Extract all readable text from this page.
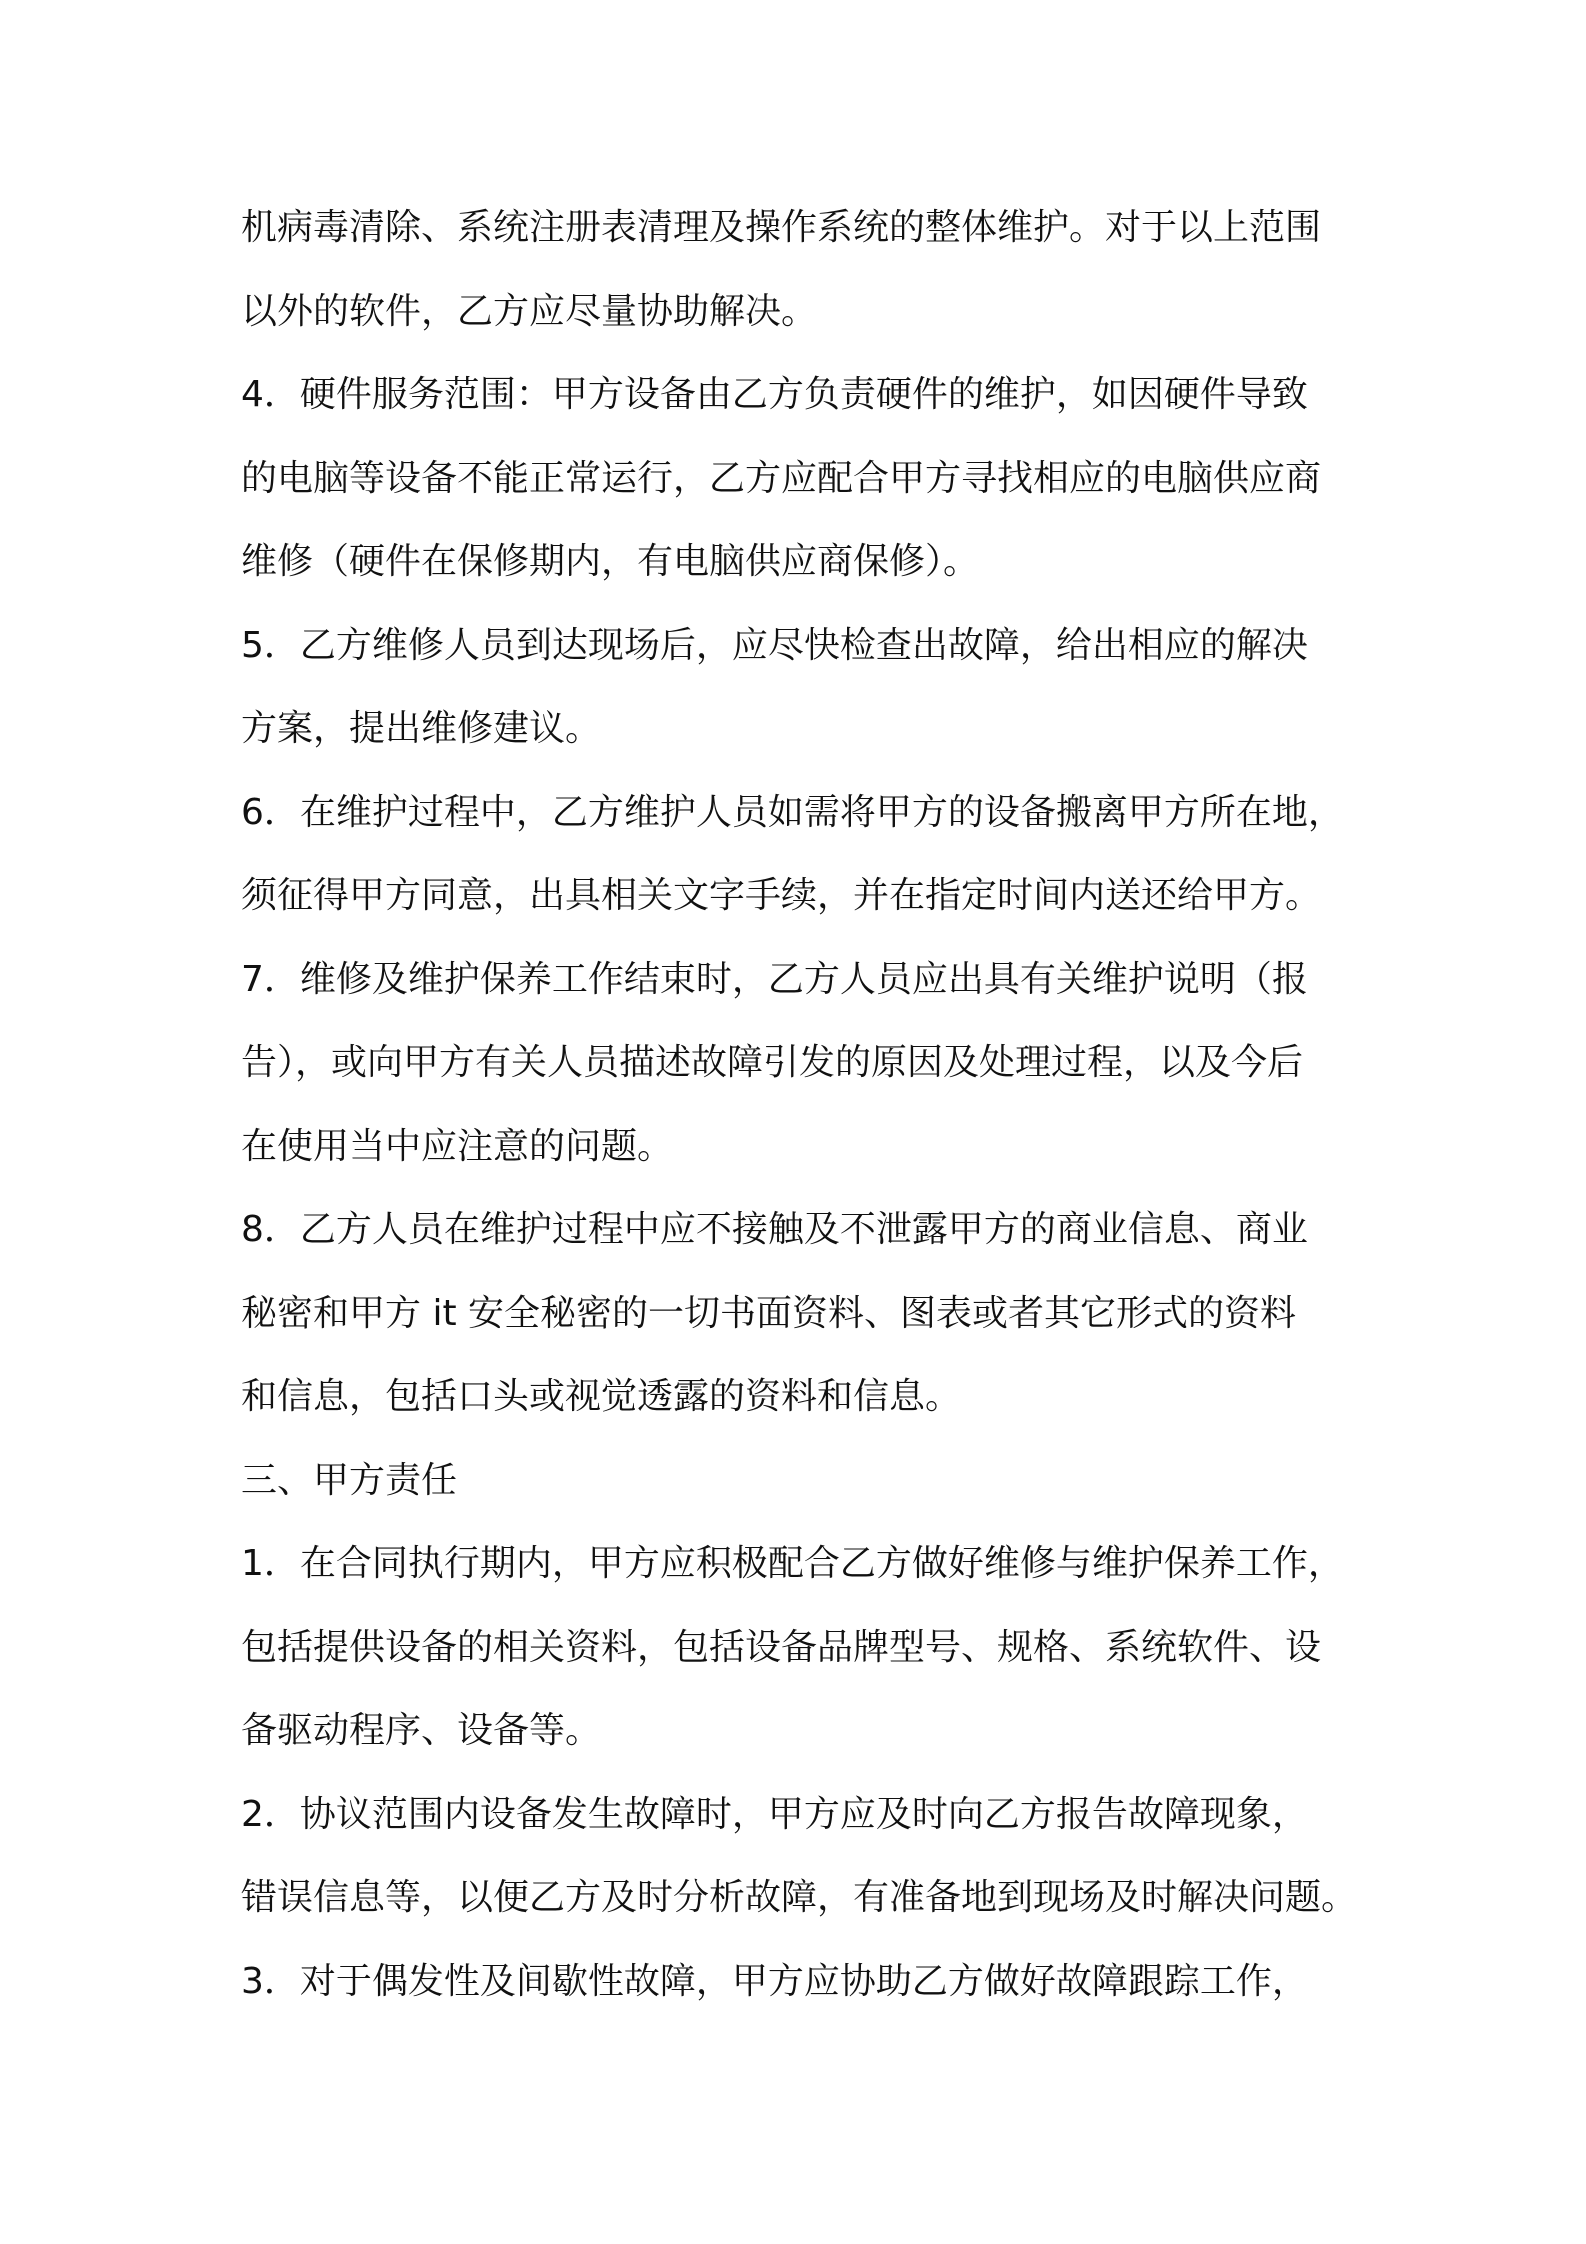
机病毒清除、系统注册表清理及操作系统的整体维护。对于以上范围
以外的软件，乙方应尽量协助解决。
4．硬件服务范围：甲方设备由乙方负责硬件的维护，如因硬件导致
的电脑等设备不能正常运行，乙方应配合甲方寻找相应的电脑供应商
维修（硬件在保修期内，有电脑供应商保修）。
5．乙方维修人员到达现场后，应尽快检查出故障，给出相应的解决
方案，提出维修建议。
6．在维护过程中，乙方维护人员如需将甲方的设备搬离甲方所在地，
须征得甲方同意，出具相关文字手续，并在指定时间内送还给甲方。
7．维修及维护保养工作结束时，乙方人员应出具有关维护说明（报
告），或向甲方有关人员描述故障引发的原因及处理过程，以及今后
在使用当中应注意的问题。
8．乙方人员在维护过程中应不接触及不泄露甲方的商业信息、商业
秘密和甲方 it 安全秘密的一切书面资料、图表或者其它形式的资料
和信息，包括口头或视觉透露的资料和信息。
三、甲方责任
1．在合同执行期内，甲方应积极配合乙方做好维修与维护保养工作，
包括提供设备的相关资料，包括设备品牌型号、规格、系统软件、设
备驱动程序、设备等。
2．协议范围内设备发生故障时，甲方应及时向乙方报告故障现象，
错误信息等，以便乙方及时分析故障，有准备地到现场及时解决问题。
3．对于偶发性及间歇性故障，甲方应协助乙方做好故障跟踪工作，
